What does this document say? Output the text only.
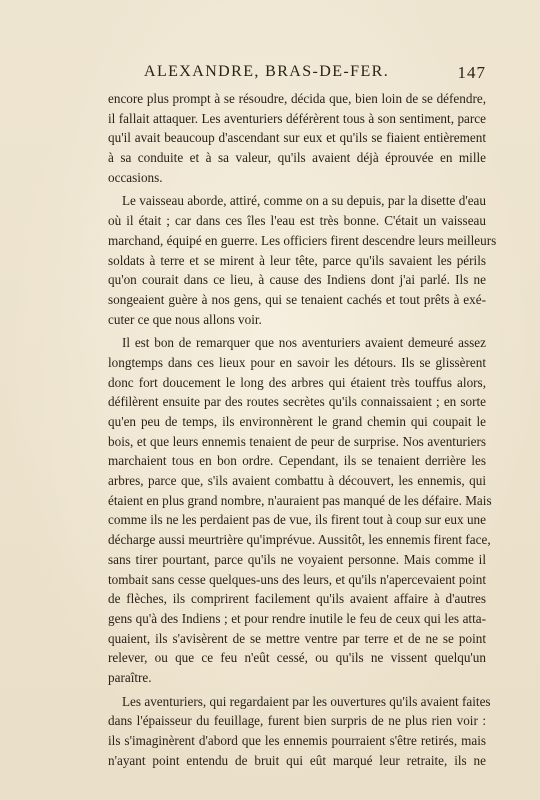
ALEXANDRE, BRAS-DE-FER.	147
encore plus prompt à se résoudre, décida que, bien loin de se défendre,
il fallait attaquer. Les aventuriers déférèrent tous à son sentiment, parce
qu'il avait beaucoup d'ascendant sur eux et qu'ils se fiaient entièrement
à sa conduite et à sa valeur, qu'ils avaient déjà éprouvée en mille
occasions.
Le vaisseau aborde, attiré, comme on a su depuis, par la disette d'eau
où il était ; car dans ces îles l'eau est très bonne. C'était un vaisseau
marchand, équipé en guerre. Les officiers firent descendre leurs meilleurs
soldats à terre et se mirent à leur tête, parce qu'ils savaient les périls
qu'on courait dans ce lieu, à cause des Indiens dont j'ai parlé. Ils ne
songeaient guère à nos gens, qui se tenaient cachés et tout prêts à exé-
cuter ce que nous allons voir.
Il est bon de remarquer que nos aventuriers avaient demeuré assez
longtemps dans ces lieux pour en savoir les détours. Ils se glissèrent
donc fort doucement le long des arbres qui étaient très touffus alors,
défilèrent ensuite par des routes secrètes qu'ils connaissaient ; en sorte
qu'en peu de temps, ils environnèrent le grand chemin qui coupait le
bois, et que leurs ennemis tenaient de peur de surprise. Nos aventuriers
marchaient tous en bon ordre. Cependant, ils se tenaient derrière les
arbres, parce que, s'ils avaient combattu à découvert, les ennemis, qui
étaient en plus grand nombre, n'auraient pas manqué de les défaire. Mais
comme ils ne les perdaient pas de vue, ils firent tout à coup sur eux une
décharge aussi meurtrière qu'imprévue. Aussitôt, les ennemis firent face,
sans tirer pourtant, parce qu'ils ne voyaient personne. Mais comme il
tombait sans cesse quelques-uns des leurs, et qu'ils n'apercevaient point
de flèches, ils comprirent facilement qu'ils avaient affaire à d'autres
gens qu'à des Indiens ; et pour rendre inutile le feu de ceux qui les atta-
quaient, ils s'avisèrent de se mettre ventre par terre et de ne se point
relever, ou que ce feu n'eût cessé, ou qu'ils ne vissent quelqu'un
paraître.
Les aventuriers, qui regardaient par les ouvertures qu'ils avaient faites
dans l'épaisseur du feuillage, furent bien surpris de ne plus rien voir :
ils s'imaginèrent d'abord que les ennemis pourraient s'être retirés, mais
n'ayant point entendu de bruit qui eût marqué leur retraite, ils ne
